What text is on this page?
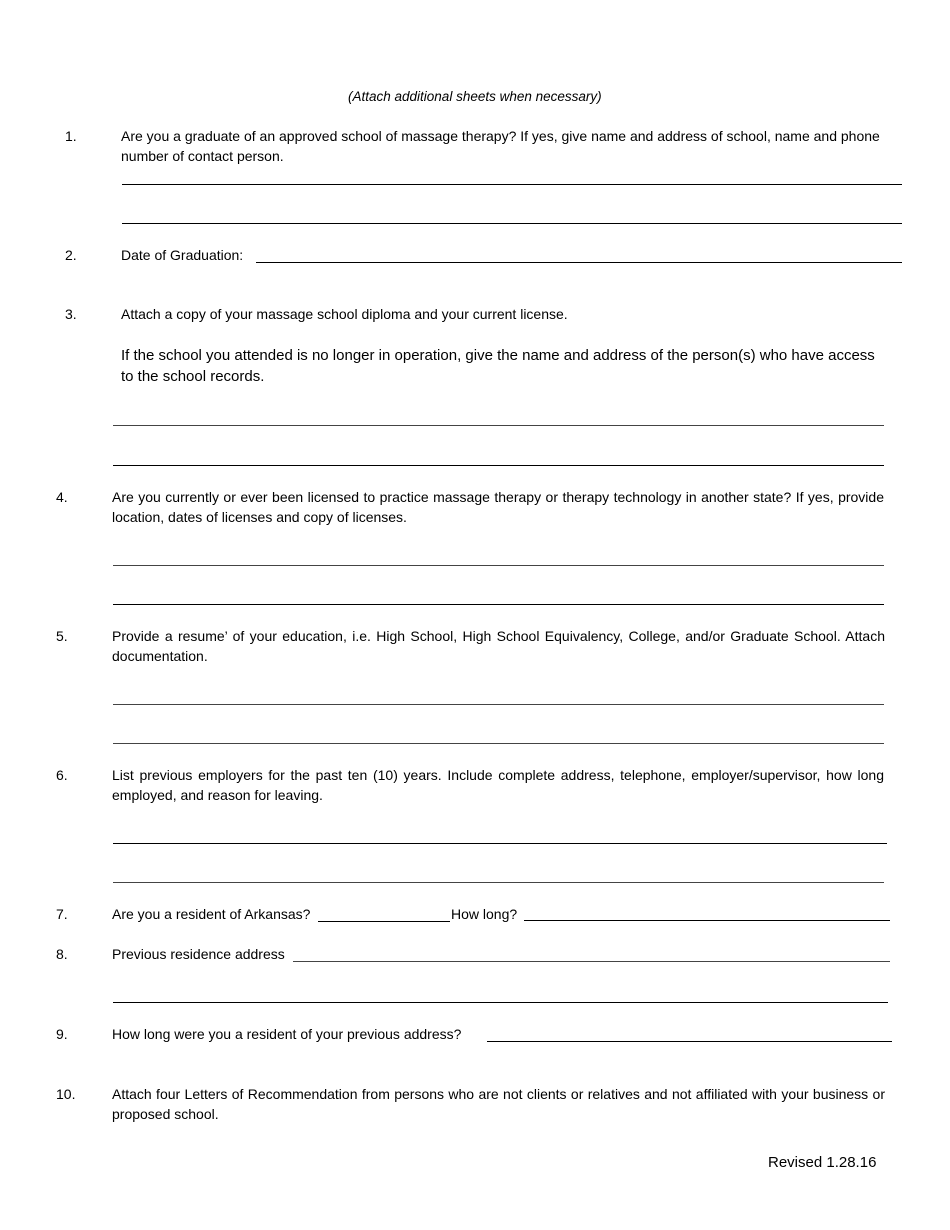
(Attach additional sheets when necessary)
1.	Are you a graduate of an approved school of massage therapy? If yes, give name and address of school, name and phone number of contact person.
2.	Date of Graduation:
3.	Attach a copy of your massage school diploma and your current license.
If the school you attended is no longer in operation, give the name and address of the person(s) who have access to the school records.
4.	Are you currently or ever been licensed to practice massage therapy or therapy technology in another state? If yes, provide location, dates of licenses and copy of licenses.
5.	Provide a resume’ of your education, i.e. High School, High School Equivalency, College, and/or Graduate School. Attach documentation.
6.	List previous employers for the past ten (10) years. Include complete address, telephone, employer/supervisor, how long employed, and reason for leaving.
7.	Are you a resident of Arkansas?	How long?
8.	Previous residence address
9.	How long were you a resident of your previous address?
10.	Attach four Letters of Recommendation from persons who are not clients or relatives and not affiliated with your business or proposed school.
Revised 1.28.16
